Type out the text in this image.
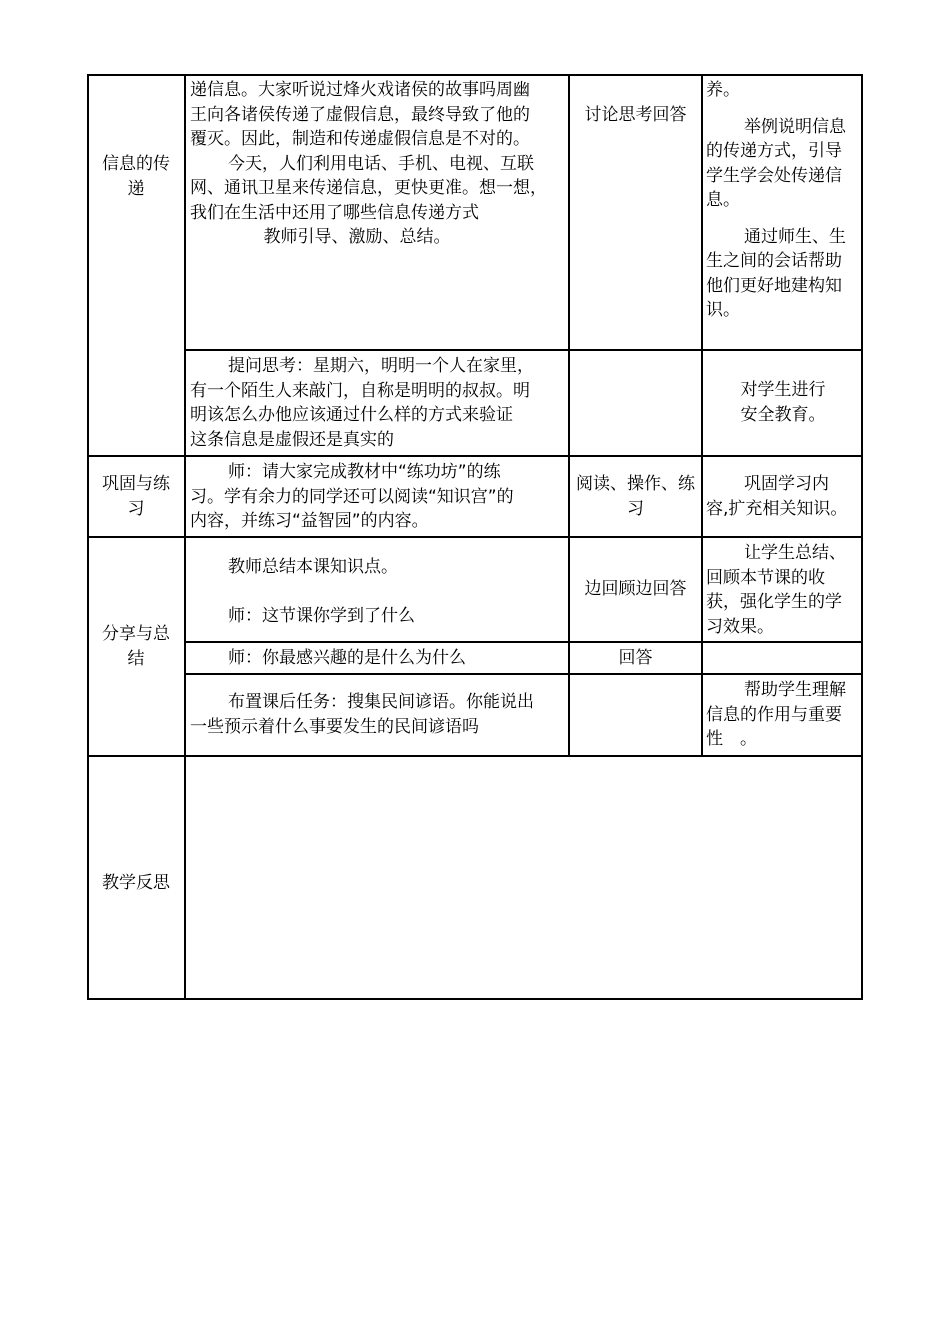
信息的传递
巩固与练习
分享与总结
教学反思
递信息。大家听说过烽火戏诸侯的故事吗周幽
王向各诸侯传递了虚假信息，最终导致了他的
覆灭。因此，制造和传递虚假信息是不对的。
今天，人们利用电话、手机、电视、互联
网、通讯卫星来传递信息，更快更准。想一想，
我们在生活中还用了哪些信息传递方式
教师引导、激励、总结。
讨论思考回答
养。
举例说明信息
的传递方式，引导
学生学会处传递信
息。
通过师生、生
生之间的会话帮助
他们更好地建构知
识。
提问思考：星期六，明明一个人在家里，
有一个陌生人来敲门，自称是明明的叔叔。明
明该怎么办他应该通过什么样的方式来验证
这条信息是虚假还是真实的
对学生进行
安全教育。
师：请大家完成教材中“练功坊”的练
习。学有余力的同学还可以阅读“知识宫”的
内容，并练习“益智园”的内容。
阅读、操作、练
习
巩固学习内
容,扩充相关知识。
教师总结本课知识点。
师：这节课你学到了什么
边回顾边回答
让学生总结、
回顾本节课的收
获，强化学生的学
习效果。
师：你最感兴趣的是什么为什么	回答
布置课后任务：搜集民间谚语。你能说出
一些预示着什么事要发生的民间谚语吗
帮助学生理解
信息的作用与重要
性　。
